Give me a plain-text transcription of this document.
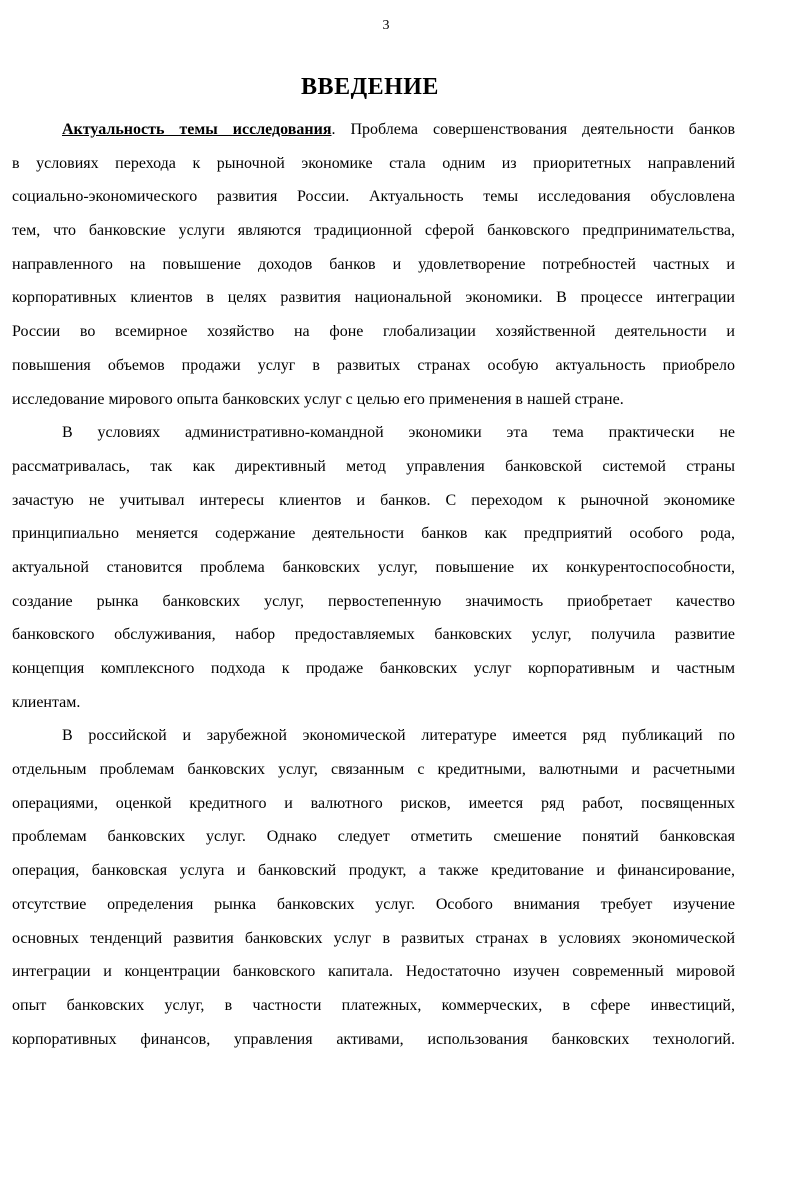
3
ВВЕДЕНИЕ
Актуальность темы исследования. Проблема совершенствования деятельности банков
в условиях перехода к рыночной экономике стала одним из приоритетных направлений
социально-экономического развития России. Актуальность темы исследования обусловлена
тем, что банковские услуги являются традиционной сферой банковского предпринимательства,
направленного на повышение доходов банков и удовлетворение потребностей частных и
корпоративных клиентов в целях развития национальной экономики. В процессе интеграции
России во всемирное хозяйство на фоне глобализации хозяйственной деятельности и
повышения объемов продажи услуг в развитых странах особую актуальность приобрело
исследование мирового опыта банковских услуг с целью его применения в нашей стране.
В условиях административно-командной экономики эта тема практически не
рассматривалась, так как директивный метод управления банковской системой страны
зачастую не учитывал интересы клиентов и банков. С переходом к рыночной экономике
принципиально меняется содержание деятельности банков как предприятий особого рода,
актуальной становится проблема банковских услуг, повышение их конкурентоспособности,
создание рынка банковских услуг, первостепенную значимость приобретает качество
банковского обслуживания, набор предоставляемых банковских услуг, получила развитие
концепция комплексного подхода к продаже банковских услуг корпоративным и частным
клиентам.
В российской и зарубежной экономической литературе имеется ряд публикаций по
отдельным проблемам банковских услуг, связанным с кредитными, валютными и расчетными
операциями, оценкой кредитного и валютного рисков, имеется ряд работ, посвященных
проблемам банковских услуг. Однако следует отметить смешение понятий банковская
операция, банковская услуга и банковский продукт, а также кредитование и финансирование,
отсутствие определения рынка банковских услуг. Особого внимания требует изучение
основных тенденций развития банковских услуг в развитых странах в условиях экономической
интеграции и концентрации банковского капитала. Недостаточно изучен современный мировой
опыт банковских услуг, в частности платежных, коммерческих, в сфере инвестиций,
корпоративных финансов, управления активами, использования банковских технологий.
